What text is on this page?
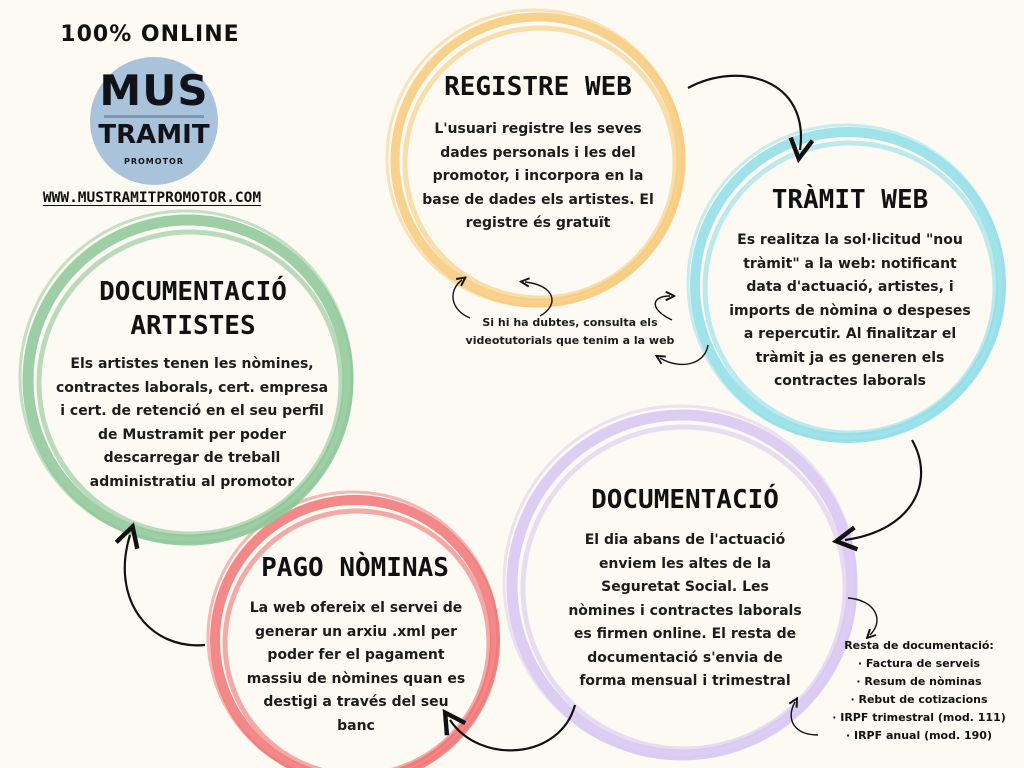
100% ONLINE
MUS
TRAMIT
PROMOTOR
WWW.MUSTRAMITPROMOTOR.COM
REGISTRE WEB
L'usuari registre les seves dades personals i les del promotor, i incorpora en la base de dades els artistes. El registre és gratuït
TRÀMIT WEB
Es realitza la sol·licitud "nou tràmit" a la web: notificant data d'actuació, artistes, i imports de nòmina o despeses a repercutir. Al finalitzar el tràmit ja es generen els contractes laborals
Si hi ha dubtes, consulta els
videotutorials que tenim a la web
DOCUMENTACIÓ
ARTISTES
Els artistes tenen les nòmines, contractes laborals, cert. empresa i cert. de retenció en el seu perfil de Mustramit per poder descarregar de treball administratiu al promotor
DOCUMENTACIÓ
El dia abans de l'actuació enviem les altes de la Seguretat Social. Les nòmines i contractes laborals es firmen online. El resta de documentació s'envia de forma mensual i trimestral
PAGO NÒMINAS
La web ofereix el servei de generar un arxiu .xml per poder fer el pagament massiu de nòmines quan es destigi a través del seu banc
Resta de documentació:
· Factura de serveis
· Resum de nòminas
· Rebut de cotizacions
· IRPF trimestral (mod. 111)
· IRPF anual (mod. 190)
